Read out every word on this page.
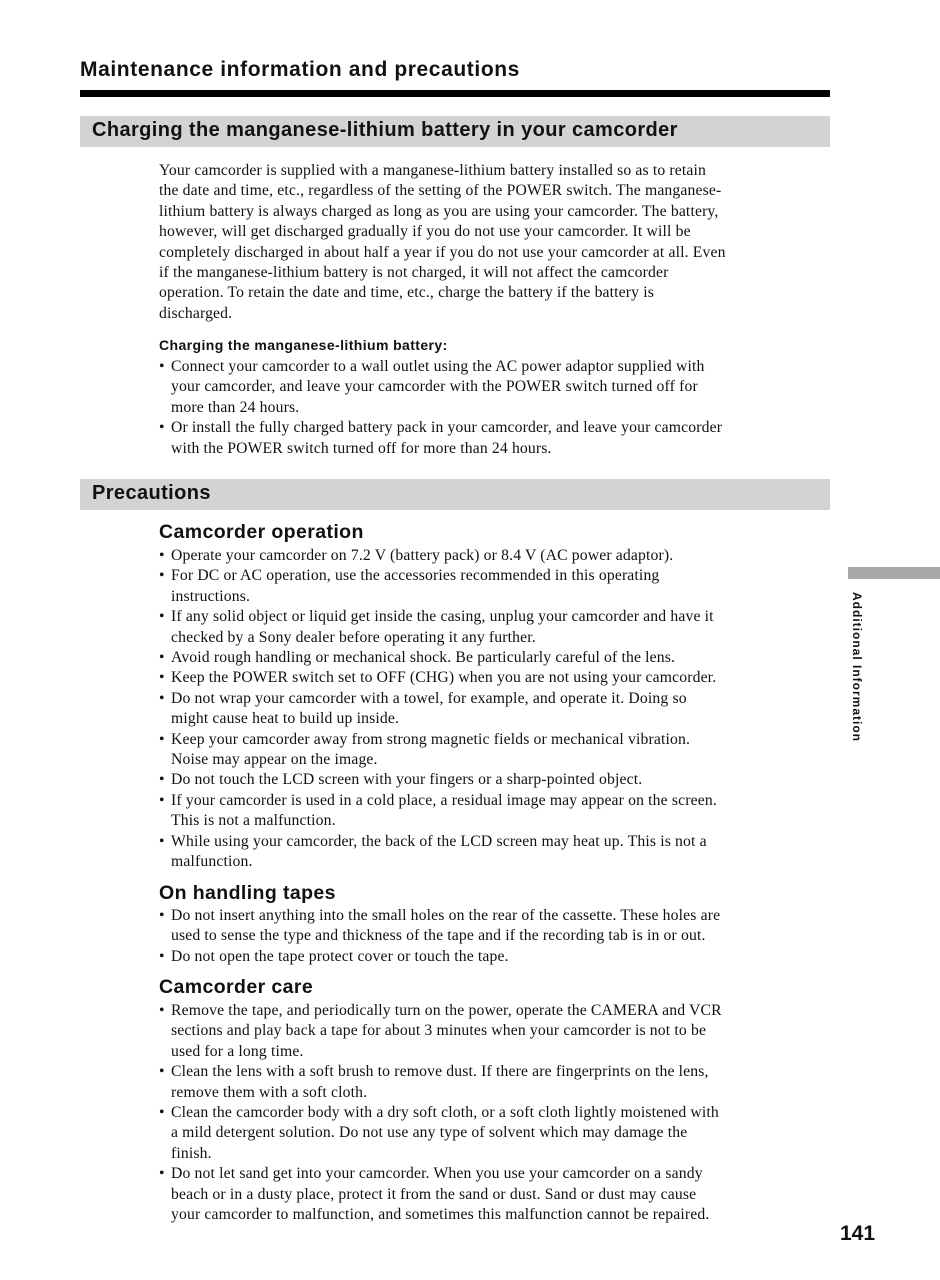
Maintenance information and precautions
Charging the manganese-lithium battery in your camcorder

Your camcorder is supplied with a manganese-lithium battery installed so as to retain

the date and time, etc., regardless of the setting of the POWER switch. The manganese-

lithium battery is always charged as long as you are using your camcorder. The battery,

however, will get discharged gradually if you do not use your camcorder. It will be

completely discharged in about half a year if you do not use your camcorder at all. Even

if the manganese-lithium battery is not charged, it will not affect the camcorder

operation. To retain the date and time, etc., charge the battery if the battery is

discharged.

Charging the manganese-lithium battery:
• Connect your camcorder to a wall outlet using the AC power adaptor supplied with
your camcorder, and leave your camcorder with the POWER switch turned off for
more than 24 hours.
• Or install the fully charged battery pack in your camcorder, and leave your camcorder
with the POWER switch turned off for more than 24 hours.
Precautions
Camcorder operation
• Operate your camcorder on 7.2 V (battery pack) or 8.4 V (AC power adaptor).
• For DC or AC operation, use the accessories recommended in this operating
instructions.
• If any solid object or liquid get inside the casing, unplug your camcorder and have it
checked by a Sony dealer before operating it any further.
• Avoid rough handling or mechanical shock. Be particularly careful of the lens.
• Keep the POWER switch set to OFF (CHG) when you are not using your camcorder.
• Do not wrap your camcorder with a towel, for example, and operate it. Doing so
might cause heat to build up inside.
• Keep your camcorder away from strong magnetic fields or mechanical vibration.
Noise may appear on the image.
• Do not touch the LCD screen with your fingers or a sharp-pointed object.
• If your camcorder is used in a cold place, a residual image may appear on the screen.
This is not a malfunction.
• While using your camcorder, the back of the LCD screen may heat up. This is not a
malfunction.
On handling tapes
• Do not insert anything into the small holes on the rear of the cassette. These holes are
used to sense the type and thickness of the tape and if the recording tab is in or out.
• Do not open the tape protect cover or touch the tape.
Camcorder care
• Remove the tape, and periodically turn on the power, operate the CAMERA and VCR
sections and play back a tape for about 3 minutes when your camcorder is not to be
used for a long time.
• Clean the lens with a soft brush to remove dust. If there are fingerprints on the lens,
remove them with a soft cloth.
• Clean the camcorder body with a dry soft cloth, or a soft cloth lightly moistened with
a mild detergent solution. Do not use any type of solvent which may damage the
finish.
• Do not let sand get into your camcorder. When you use your camcorder on a sandy
beach or in a dusty place, protect it from the sand or dust. Sand or dust may cause
your camcorder to malfunction, and sometimes this malfunction cannot be repaired.
Additional Information
141
